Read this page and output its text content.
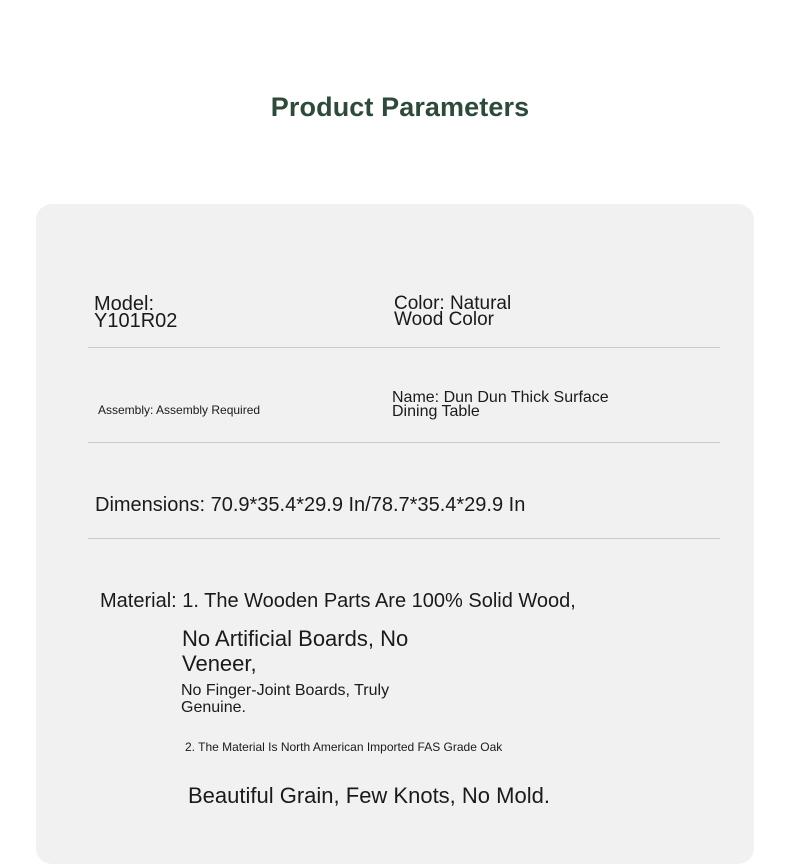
Product Parameters
Model:
Y101R02
Color: Natural
Wood Color
Assembly: Assembly Required
Name: Dun Dun Thick Surface
Dining Table
Dimensions: 70.9*35.4*29.9 In/78.7*35.4*29.9 In
Material: 1. The Wooden Parts Are 100% Solid Wood,
No Artificial Boards, No
Veneer,
No Finger-Joint Boards, Truly
Genuine.
2. The Material Is North American Imported FAS Grade Oak
Beautiful Grain, Few Knots, No Mold.
